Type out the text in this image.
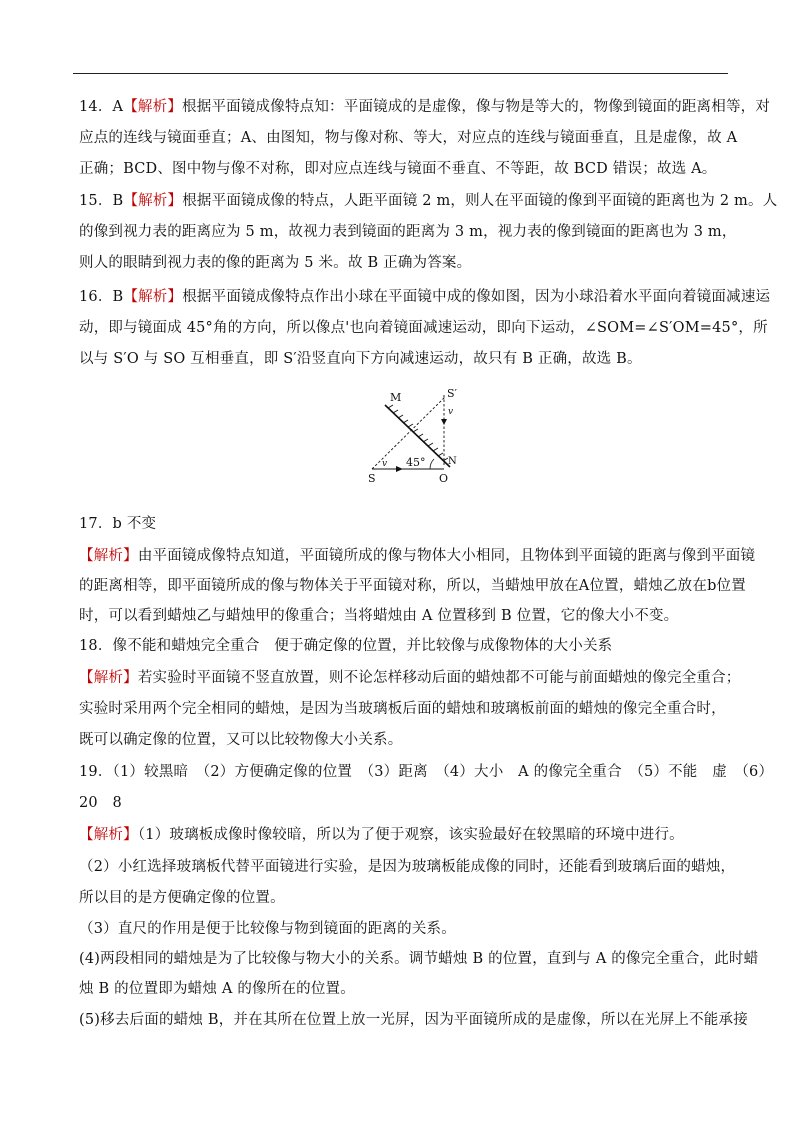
14．A【解析】根据平面镜成像特点知：平面镜成的是虚像，像与物是等大的，物像到镜面的距离相等，对
应点的连线与镜面垂直；A、由图知，物与像对称、等大，对应点的连线与镜面垂直，且是虚像，故 A
正确；BCD、图中物与像不对称，即对应点连线与镜面不垂直、不等距，故 BCD 错误；故选 A。
15．B【解析】根据平面镜成像的特点，人距平面镜 2 m，则人在平面镜的像到平面镜的距离也为 2 m。人
的像到视力表的距离应为 5 m，故视力表到镜面的距离为 3 m，视力表的像到镜面的距离也为 3 m，
则人的眼睛到视力表的像的距离为 5 米。故 B 正确为答案。
16．B【解析】根据平面镜成像特点作出小球在平面镜中成的像如图，因为小球沿着水平面向着镜面减速运
动，即与镜面成 45°角的方向，所以像点'也向着镜面减速运动，即向下运动，∠SOM=∠S′OM=45°，所
以与 S′O 与 SO 互相垂直，即 S′沿竖直向下方向减速运动，故只有 B 正确，故选 B。
M	S′
v
45° N
v
S	O
17．b 不变
【解析】由平面镜成像特点知道，平面镜所成的像与物体大小相同，且物体到平面镜的距离与像到平面镜
的距离相等，即平面镜所成的像与物体关于平面镜对称，所以，当蜡烛甲放在A位置，蜡烛乙放在b位置
时，可以看到蜡烛乙与蜡烛甲的像重合；当将蜡烛由 A 位置移到 B 位置，它的像大小不变。
18．像不能和蜡烛完全重合　便于确定像的位置，并比较像与成像物体的大小关系
【解析】若实验时平面镜不竖直放置，则不论怎样移动后面的蜡烛都不可能与前面蜡烛的像完全重合；
实验时采用两个完全相同的蜡烛，是因为当玻璃板后面的蜡烛和玻璃板前面的蜡烛的像完全重合时，
既可以确定像的位置，又可以比较物像大小关系。
19．（1）较黑暗　（2）方便确定像的位置　（3）距离　（4）大小　A 的像完全重合　（5）不能　虚　（6）
20　8
【解析】（1）玻璃板成像时像较暗，所以为了便于观察，该实验最好在较黑暗的环境中进行。
（2）小红选择玻璃板代替平面镜进行实验，是因为玻璃板能成像的同时，还能看到玻璃后面的蜡烛，
所以目的是方便确定像的位置。
（3）直尺的作用是便于比较像与物到镜面的距离的关系。
(4)两段相同的蜡烛是为了比较像与物大小的关系。调节蜡烛 B 的位置，直到与 A 的像完全重合，此时蜡
烛 B 的位置即为蜡烛 A 的像所在的位置。
(5)移去后面的蜡烛 B，并在其所在位置上放一光屏，因为平面镜所成的是虚像，所以在光屏上不能承接
